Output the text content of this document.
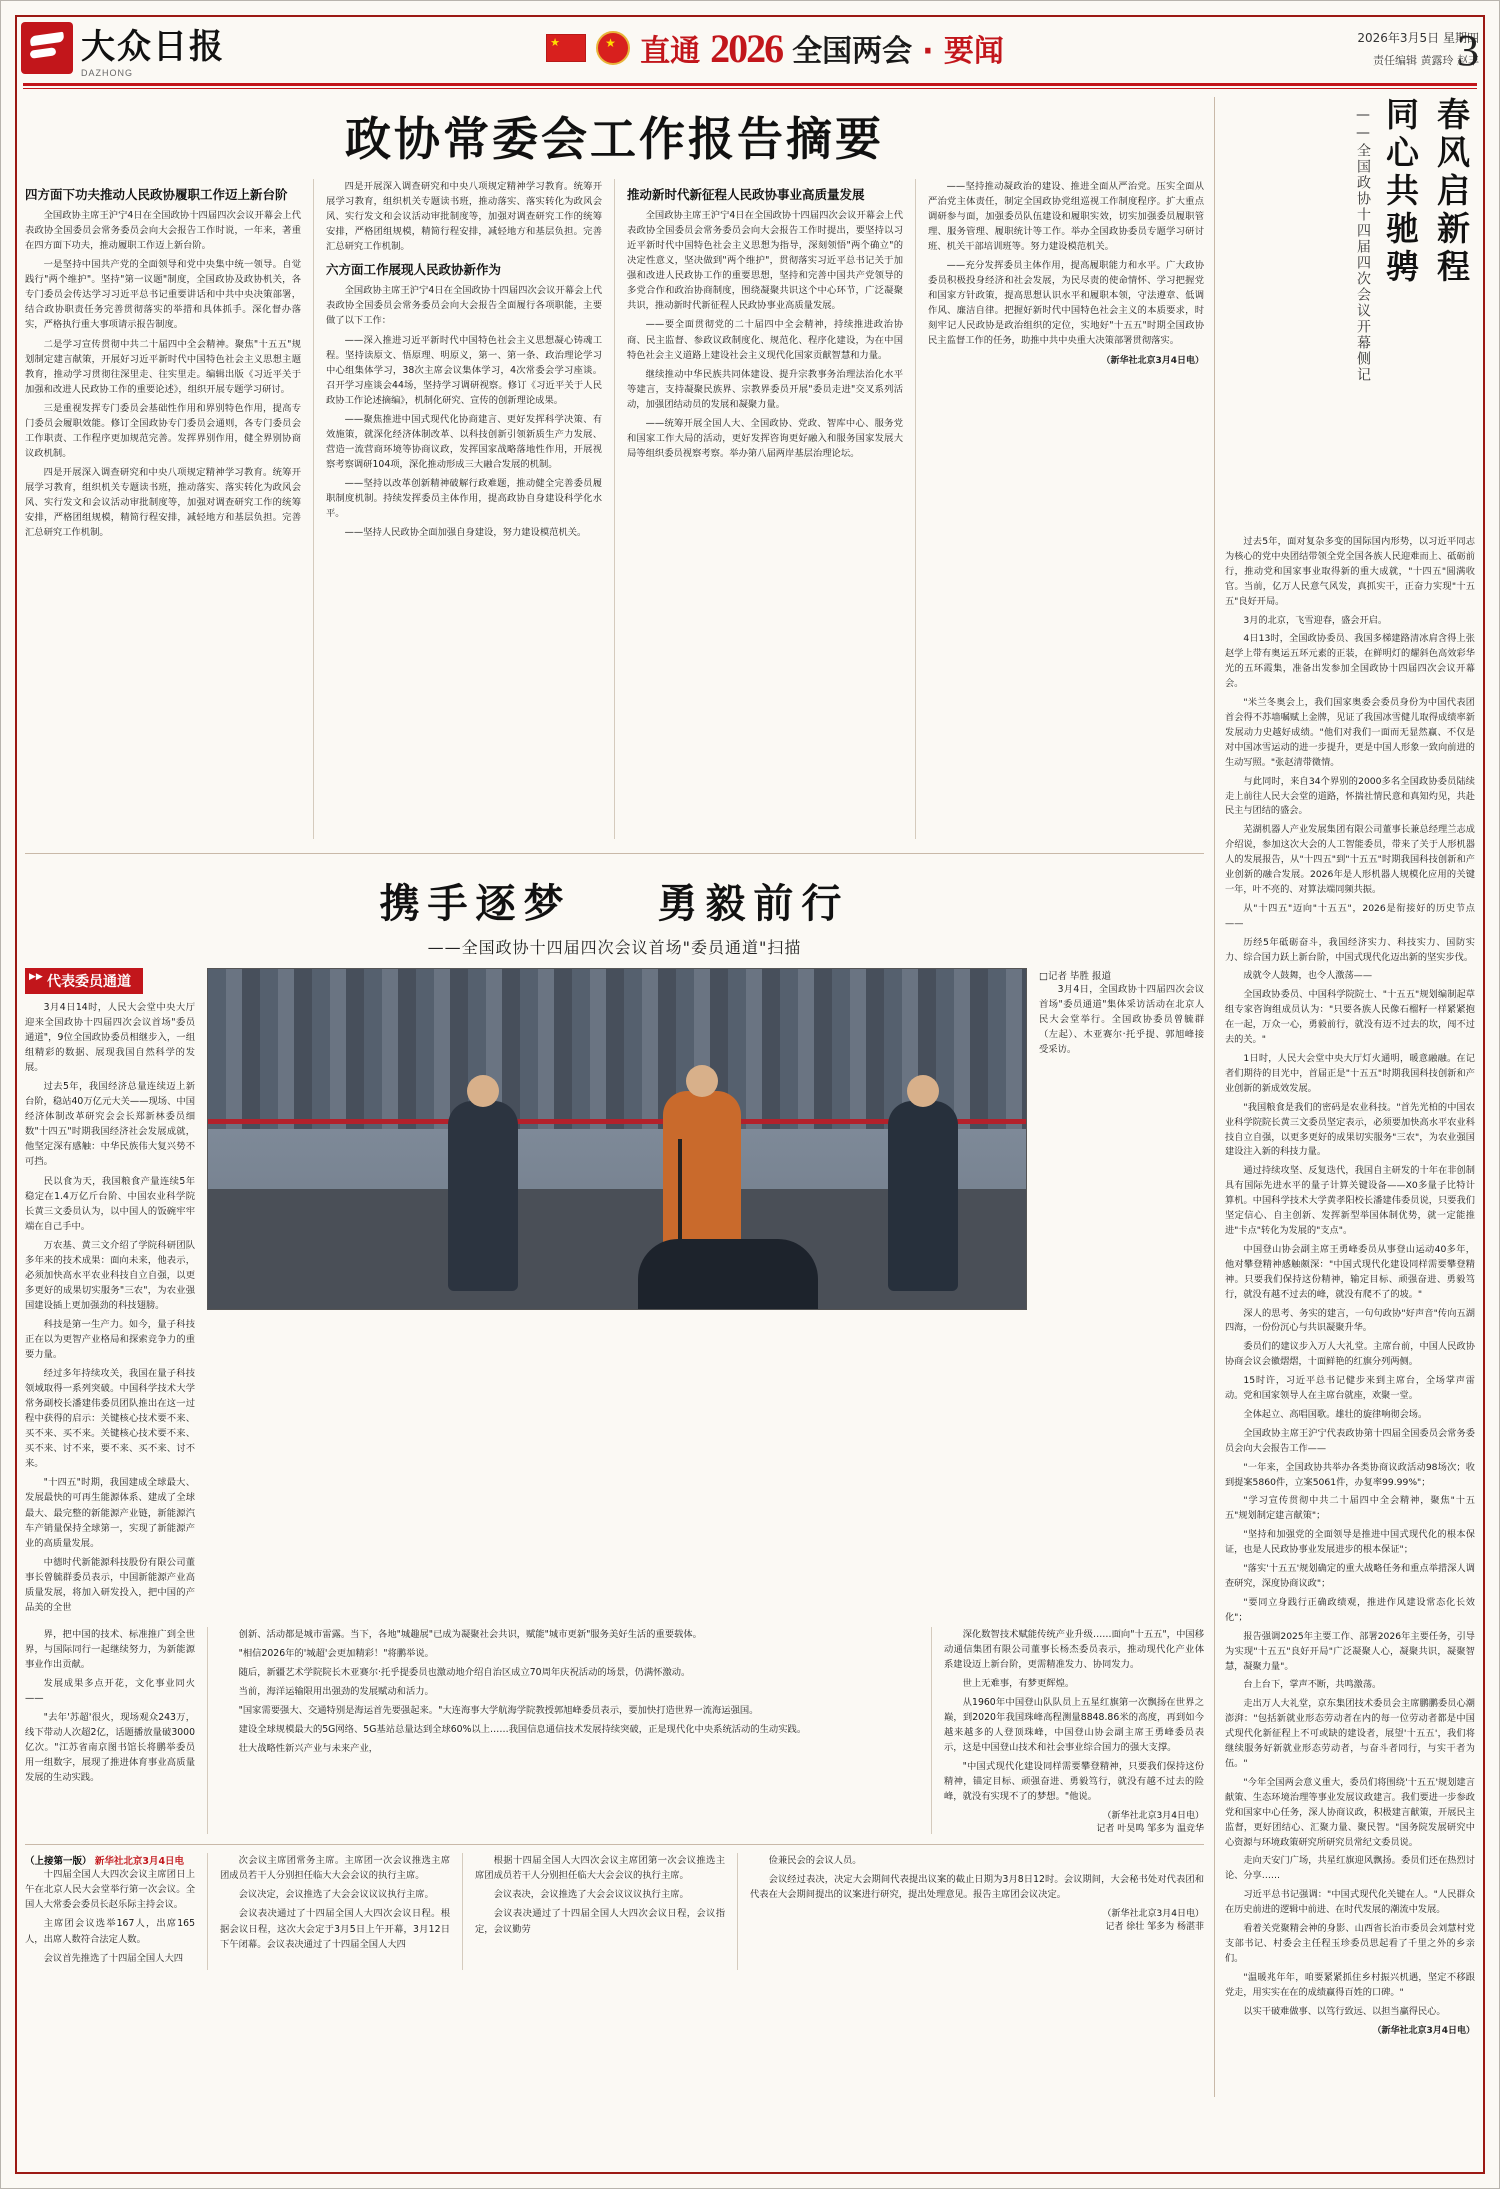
大众日报
DAZHONG
★ ★	直通 2026 全国两会 · 要闻	2026年3月5日 星期四
责任编辑 黄露玲 赵丰
3
政协常委会工作报告摘要
四方面下功夫推动人民政协履职工作迈上新台阶

全国政协主席王沪宁4日在全国政协十四届四次会议开幕会上代表政协全国委员会常务委员会向大会报告工作时说，一年来，著重在四方面下功夫，推动履职工作迈上新台阶。

一是坚持中国共产党的全面领导和党中央集中统一领导。自觉践行"两个维护"。坚持"第一议题"制度，全国政协及政协机关，各专门委员会传达学习习近平总书记重要讲话和中共中央决策部署，结合政协职责任务完善贯彻落实的举措和具体抓手。深化督办落实，严格执行重大事项请示报告制度。

二是学习宣传贯彻中共二十届四中全会精神。聚焦"十五五"规划制定建言献策，开展好习近平新时代中国特色社会主义思想主题教育，推动学习贯彻往深里走、往实里走。编辑出版《习近平关于加强和改进人民政协工作的重要论述》，组织开展专题学习研讨。

三是重视发挥专门委员会基础性作用和界别特色作用，提高专门委员会履职效能。修订全国政协专门委员会通则，各专门委员会工作职责、工作程序更加规范完善。发挥界别作用，健全界别协商议政机制。

四是开展深入调查研究和中央八项规定精神学习教育。统筹开展学习教育，组织机关专题读书班，推动落实、落实转化为政风会风、实行发文和会议活动审批制度等，加强对调查研究工作的统筹安排，严格团组规模，精简行程安排，减轻地方和基层负担。完善汇总研究工作机制。

四是开展深入调查研究和中央八项规定精神学习教育。统筹开展学习教育，组织机关专题读书班，推动落实、落实转化为政风会风、实行发文和会议活动审批制度等，加强对调查研究工作的统筹安排，严格团组规模，精简行程安排，减轻地方和基层负担。完善汇总研究工作机制。

六方面工作展现人民政协新作为

全国政协主席王沪宁4日在全国政协十四届四次会议开幕会上代表政协全国委员会常务委员会向大会报告全面履行各项职能，主要做了以下工作：

——深入推进习近平新时代中国特色社会主义思想凝心铸魂工程。坚持读原文、悟原理、明原义，第一、第一条、政治理论学习中心组集体学习，38次主席会议集体学习，4次常委会学习座谈。召开学习座谈会44场，坚持学习调研视察。修订《习近平关于人民政协工作论述摘编》，机制化研究、宣传的创新理论成果。

——聚焦推进中国式现代化协商建言、更好发挥科学决策、有效施策，就深化经济体制改革、以科技创新引领新质生产力发展、营造一流营商环境等协商议政，发挥国家战略落地性作用，开展视察考察调研104项，深化推动形成三大融合发展的机制。

——坚持以改革创新精神破解行政难题，推动健全完善委员履职制度机制。持续发挥委员主体作用，提高政协自身建设科学化水平。

——坚持人民政协全面加强自身建设，努力建设模范机关。

推动新时代新征程人民政协事业高质量发展

全国政协主席王沪宁4日在全国政协十四届四次会议开幕会上代表政协全国委员会常务委员会向大会报告工作时提出，要坚持以习近平新时代中国特色社会主义思想为指导，深刻领悟"两个确立"的决定性意义，坚决做到"两个维护"，贯彻落实习近平总书记关于加强和改进人民政协工作的重要思想，坚持和完善中国共产党领导的多党合作和政治协商制度，围绕凝聚共识这个中心环节，广泛凝聚共识，推动新时代新征程人民政协事业高质量发展。

——要全面贯彻党的二十届四中全会精神，持续推进政治协商、民主监督、参政议政制度化、规范化、程序化建设，为在中国特色社会主义道路上建设社会主义现代化国家贡献智慧和力量。

继续推动中华民族共同体建设、提升宗教事务治理法治化水平等建言，支持凝聚民族界、宗教界委员开展"委员走进"交叉系列活动，加强团结动员的发展和凝聚力量。

——统筹开展全国人大、全国政协、党政、智库中心、服务党和国家工作大局的活动，更好发挥咨询更好融入和服务国家发展大局等组织委员视察考察。举办第八届两岸基层治理论坛。

——坚持推动凝政治的建设、推进全面从严治党。压实全面从严治党主体责任，制定全国政协党组巡视工作制度程序。扩大重点调研参与面，加强委员队伍建设和履职实效，切实加强委员履职管理、服务管理、履职统计等工作。举办全国政协委员专题学习研讨班、机关干部培训班等。努力建设模范机关。

——充分发挥委员主体作用，提高履职能力和水平。广大政协委员积极投身经济和社会发展，为民尽责的使命情怀、学习把握党和国家方针政策，提高思想认识水平和履职本领，守法遵章、低调作风、廉洁自律。把握好新时代中国特色社会主义的本质要求，时刻牢记人民政协是政治组织的定位，实地好"十五五"时期全国政协民主监督工作的任务，助推中共中央重大决策部署贯彻落实。

（新华社北京3月4日电）
携手逐梦 勇毅前行
——全国政协十四届四次会议首场"委员通道"扫描
▶▶ 代表委员通道

3月4日14时，人民大会堂中央大厅迎来全国政协十四届四次会议首场"委员通道"，9位全国政协委员相继步入，一组组精彩的数据、展现我国自然科学的发展。

过去5年，我国经济总量连续迈上新台阶，稳站40万亿元大关——现场、中国经济体制改革研究会会长郑新林委员细数"十四五"时期我国经济社会发展成就，他坚定深有感触：中华民族伟大复兴势不可挡。

民以食为天，我国粮食产量连续5年稳定在1.4万亿斤台阶、中国农业科学院长黄三文委员认为，以中国人的饭碗牢牢端在自己手中。

万农基、黄三文介绍了学院科研团队多年来的技术成果：面向未来，他表示，必须加快高水平农业科技自立自强，以更多更好的成果切实服务"三农"，为农业强国建设插上更加强劲的科技翅膀。

科技是第一生产力。如今，量子科技正在以为更智产业格局和探索竞争力的重要力量。

经过多年持续攻关，我国在量子科技领域取得一系列突破。中国科学技术大学常务副校长潘建伟委员团队推出在这一过程中获得的启示：关键核心技术要不来、买不来、买不来。关键核心技术要不来、买不来、讨不来，要不来、买不来、讨不来。

"十四五"时期，我国建成全球最大、发展最快的可再生能源体系、建成了全球最大、最完整的新能源产业链，新能源汽车产销量保持全球第一，实现了新能源产业的高质量发展。

中德时代新能源科技股份有限公司董事长曾毓群委员表示，中国新能源产业高质量发展，将加入研发投入，把中国的产品美的全世

□记者 毕胜 报道

3月4日，全国政协十四届四次会议首场"委员通道"集体采访活动在北京人民大会堂举行。全国政协委员曾毓群（左起）、木亚赛尔·托乎提、郭旭峰接受采访。

界，把中国的技术、标准推广到全世界，与国际同行一起继续努力，为新能源事业作出贡献。

发展成果多点开花，文化事业同火——

"去年'苏超'很火，现场观众243万，线下带动人次超2亿，话题播放量破3000亿次。"江苏省南京图书馆长将鹏举委员用一组数字，展现了推进体育事业高质量发展的生动实践。

创新、活动都是城市雷露。当下，各地"城趣展"已成为凝聚社会共识，赋能"城市更新"服务美好生活的重要载体。

"相信2026年的'城超'会更加精彩！"将鹏举说。

随后，新疆艺术学院院长木亚赛尔·托乎提委员也激动地介绍自治区成立70周年庆祝活动的场景，仍满怀激动。

当前，海洋运输限用出强劲的发展赋动和活力。

"国家需要强大、交通特别是海运首先要强起来。"大连海事大学航海学院教授郭旭峰委员表示，要加快打造世界一流海运强国。

建设全球规模最大的5G网络、5G基站总量达到全球60%以上……我国信息通信技术发展持续突破，正是现代化中央系统活动的生动实践。

壮大战略性新兴产业与未来产业，

深化数智技术赋能传统产业升级……面向"十五五"，中国移动通信集团有限公司董事长杨杰委员表示，推动现代化产业体系建设迈上新台阶，更需精准发力、协同发力。

世上无难事，有梦更辉煌。

从1960年中国登山队队员上五星红旗第一次飘扬在世界之巅，到2020年我国珠峰高程测量8848.86米的高度，再到如今越来越多的人登顶珠峰，中国登山协会副主席王勇峰委员表示，这是中国登山技术和社会事业综合国力的强大支撑。

"中国式现代化建设同样需要攀登精神，只要我们保持这份精神，锚定目标、顽强奋进、勇毅笃行，就没有越不过去的险峰，就没有实现不了的梦想。"他说。

（新华社北京3月4日电）
记者 叶昊鸣 邹多为 温竞华
（上接第一版） 新华社北京3月4日电

十四届全国人大四次会议主席团日上午在北京人民大会堂举行第一次会议。全国人大常委会委员长赵乐际主持会议。

主席团会议选举167人，出席165人，出席人数符合法定人数。

会议首先推选了十四届全国人大四

次会议主席团常务主席。主席团一次会议推选主席团成员若干人分别担任临大大会会议的执行主席。

会议决定，会议推选了大会会议议议执行主席。

会议表决通过了十四届全国人大四次会议日程。根据会议日程，这次大会定于3月5日上午开幕，3月12日下午闭幕。会议表决通过了十四届全国人大四

根据十四届全国人大四次会议主席团第一次会议推选主席团成员若干人分别担任临大大会会议的执行主席。

会议表决，会议推选了大会会议议议执行主席。

会议表决通过了十四届全国人大四次会议日程，会议指定，会议勤劳

俭兼民会的会议人员。

会议经过表决，决定大会期间代表提出议案的截止日期为3月8日12时。会议期间，大会秘书处对代表团和代表在大会期间提出的议案进行研究，提出处理意见。报告主席团会议决定。

（新华社北京3月4日电）
记者 徐壮 邹多为 杨湛菲
春风启新程
同心共驰骋
——全国政协十四届四次会议开幕侧记

过去5年，面对复杂多变的国际国内形势，以习近平同志为核心的党中央团结带领全党全国各族人民迎难而上、砥砺前行，推动党和国家事业取得新的重大成就，"十四五"圆满收官。当前，亿万人民意气风发，真抓实干，正奋力实现"十五五"良好开局。

3月的北京，飞雪迎春，盛会开启。

4日13时，全国政协委员、我国多梯建路清冰肩含得上张赵学上带有奥运五环元素的正装，在鲜明灯的耀斜色高效彩华光的五环霞集，准备出发参加全国政协十四届四次会议开幕会。

"米兰冬奥会上，我们国家奥委会委员身份为中国代表团首会得不苏墙嘱赋上金牌，见证了我国冰雪健儿取得成绩率新发展动力史越好成绩。"他们对我们一面而无显然赢、不仅是对中国冰雪运动的进一步提升，更是中国人形象一致向前进的生动写照。"张赵清带微情。

与此同时，来自34个界别的2000多名全国政协委员陆续走上前往人民大会堂的道路，怀揣社情民意和真知灼见，共赴民主与团结的盛会。

芜湖机器人产业发展集团有限公司董事长兼总经理兰志成介绍说，参加这次大会的人工智能委员，带来了关于人形机器人的发展报告，从"十四五"到"十五五"时期我国科技创新和产业创新的融合发展。2026年是人形机器人规模化应用的关键一年，叶不亮的、对算法端同频共振。

从"十四五"迈向"十五五"，2026是衔接好的历史节点——

历经5年砥砺奋斗，我国经济实力、科技实力、国防实力、综合国力跃上新台阶，中国式现代化迈出新的坚实步伐。

成就令人鼓舞，也令人激荡——

全国政协委员、中国科学院院士、"十五五"规划编制起草组专家咨询组成员认为："只要各族人民像石榴籽一样紧紧抱在一起，万众一心，勇毅前行，就没有迈不过去的坎，闯不过去的关。"

1日时，人民大会堂中央大厅灯火通明，暖意融融。在记者们期待的目光中，首届正是"十五五"时期我国科技创新和产业创新的新成效发展。

"我国粮食是我们的密码是农业科技。"首先光柏的中国农业科学院院长黄三文委员坚定表示，必须要加快高水平农业科技自立自强，以更多更好的成果切实服务"三农"，为农业强国建设注入新的科技力量。

通过持续攻坚、反复迭代，我国自主研发的十年在非创制具有国际先进水平的量子计算关键设备——X0多量子比特计算机。中国科学技术大学黄孝阳校长潘建伟委员说，只要我们坚定信心、自主创新、发挥新型举国体制优势，就一定能推进"卡点"转化为发展的"支点"。

中国登山协会副主席王勇峰委员从事登山运动40多年，他对攀登精神感触颇深："中国式现代化建设同样需要攀登精神。只要我们保持这份精神，输定目标、顽强奋进、勇毅笃行，就没有越不过去的峰，就没有爬不了的坡。"

深人的思考、务实的建言，一句句政协"好声音"传向五湖四海，一份份沉心与共识凝聚升华。

委员们的建议步入万人大礼堂。主席台前，中国人民政协协商会议会徽熠熠，十面鲜艳的红旗分列两侧。

15时许，习近平总书记健步来到主席台，全场掌声雷动。党和国家领导人在主席台就座，欢聚一堂。

全体起立、高唱国歌。雄壮的旋律响彻会场。

全国政协主席王沪宁代表政协第十四届全国委员会常务委员会向大会报告工作——

"一年来，全国政协共举办各类协商议政活动98场次；收到提案5860件，立案5061件，办复率99.99%"；

"学习宣传贯彻中共二十届四中全会精神，聚焦"十五五"规划制定建言献策"；

"坚持和加强党的全面领导是推进中国式现代化的根本保证，也是人民政协事业发展进步的根本保证"；

"落实'十五五'规划确定的重大战略任务和重点举措深人调查研究，深度协商议政"；

"要同立身践行正确政绩观，推进作风建设常态化长效化"；

报告强调2025年主要工作、部署2026年主要任务，引导为实现"十五五"良好开局"广泛凝聚人心，凝聚共识，凝聚智慧，凝聚力量"。

台上台下，掌声不断，共鸣激荡。

走出万人大礼堂，京东集团技术委员会主席鹏鹏委员心潮澎湃："包括新就业形态劳动者在内的每一位劳动者都是中国式现代化新征程上不可或缺的建设者，展望'十五五'，我们将继续服务好新就业形态劳动者，与奋斗者同行，与实干者为伍。"

"今年全国两会意义重大，委员们将围绕'十五五'规划建言献策、生态环境治理等事业发展议政建言。我们要进一步参政党和国家中心任务，深人协商议政，积极建言献策，开展民主监督，更好团结心、汇聚力量、聚民智。"国务院发展研究中心资源与环境政策研究所研究员常纪文委员说。

走向天安门广场，共星红旗迎风飘扬。委员们还在热烈讨论、分享……

习近平总书记强调："中国式现代化关键在人。"人民群众在历史前进的逻辑中前进、在时代发展的潮流中发展。

看着关党聚精会神的身影、山西省长治市委员会刘慧村党支部书记、村委会主任程玉珍委员思起看了千里之外的乡亲们。

"温暖兆年年，咱要紧紧抓住乡村振兴机遇，坚定不移跟党走，用实实在在的成绩赢得百姓的口碑。"

以实干破难做事、以笃行致远、以担当赢得民心。

（新华社北京3月4日电）
